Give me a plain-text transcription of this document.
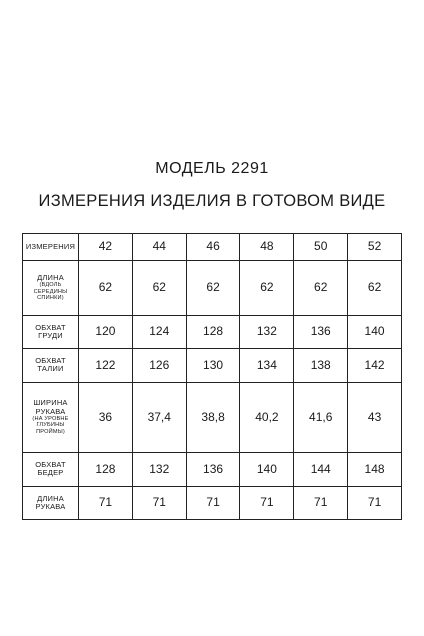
МОДЕЛЬ 2291
ИЗМЕРЕНИЯ ИЗДЕЛИЯ В ГОТОВОМ ВИДЕ
ИЗМЕРЕНИЯ	42	44	46	48	50	52
ДЛИНА
(ВДОЛЬ СЕРЕДИНЫ СПИНКИ)	62	62	62	62	62	62
ОБХВАТ ГРУДИ	120	124	128	132	136	140
ОБХВАТ ТАЛИИ	122	126	130	134	138	142
ШИРИНА РУКАВА
(НА УРОВНЕ ГЛУБИНЫ ПРОЙМЫ)	36	37,4	38,8	40,2	41,6	43
ОБХВАТ БЕДЕР	128	132	136	140	144	148
ДЛИНА РУКАВА	71	71	71	71	71	71
